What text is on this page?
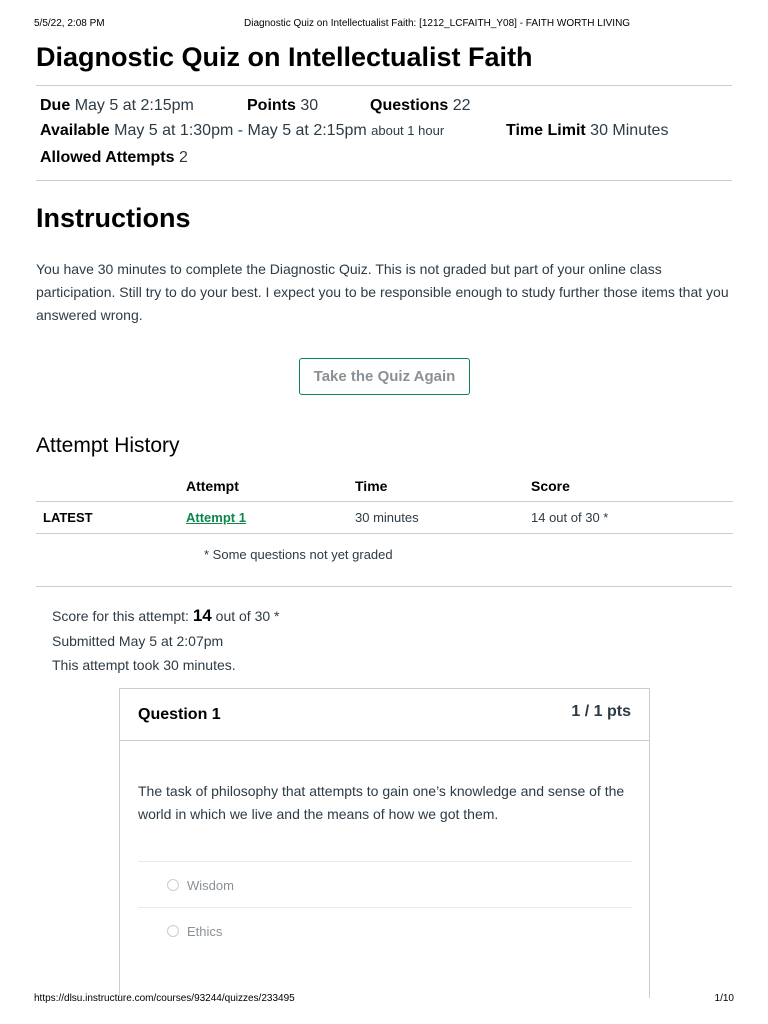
5/5/22, 2:08 PM	Diagnostic Quiz on Intellectualist Faith: [1212_LCFAITH_Y08] - FAITH WORTH LIVING
Diagnostic Quiz on Intellectualist Faith
Due May 5 at 2:15pm	Points 30	Questions 22
Available May 5 at 1:30pm - May 5 at 2:15pm about 1 hour	Time Limit 30 Minutes
Allowed Attempts 2
Instructions

You have 30 minutes to complete the Diagnostic Quiz. This is not graded but part of your online class participation. Still try to do your best. I expect you to be responsible enough to study further those items that you answered wrong.

Take the Quiz Again
Attempt History
	Attempt	Time	Score
LATEST	Attempt 1	30 minutes	14 out of 30 *
* Some questions not yet graded
Score for this attempt: 14 out of 30 *
Submitted May 5 at 2:07pm
This attempt took 30 minutes.
Question 1	1 / 1 pts

The task of philosophy that attempts to gain one’s knowledge and sense of the world in which we live and the means of how we got them.

Wisdom
Ethics
https://dlsu.instructure.com/courses/93244/quizzes/233495	1/10
